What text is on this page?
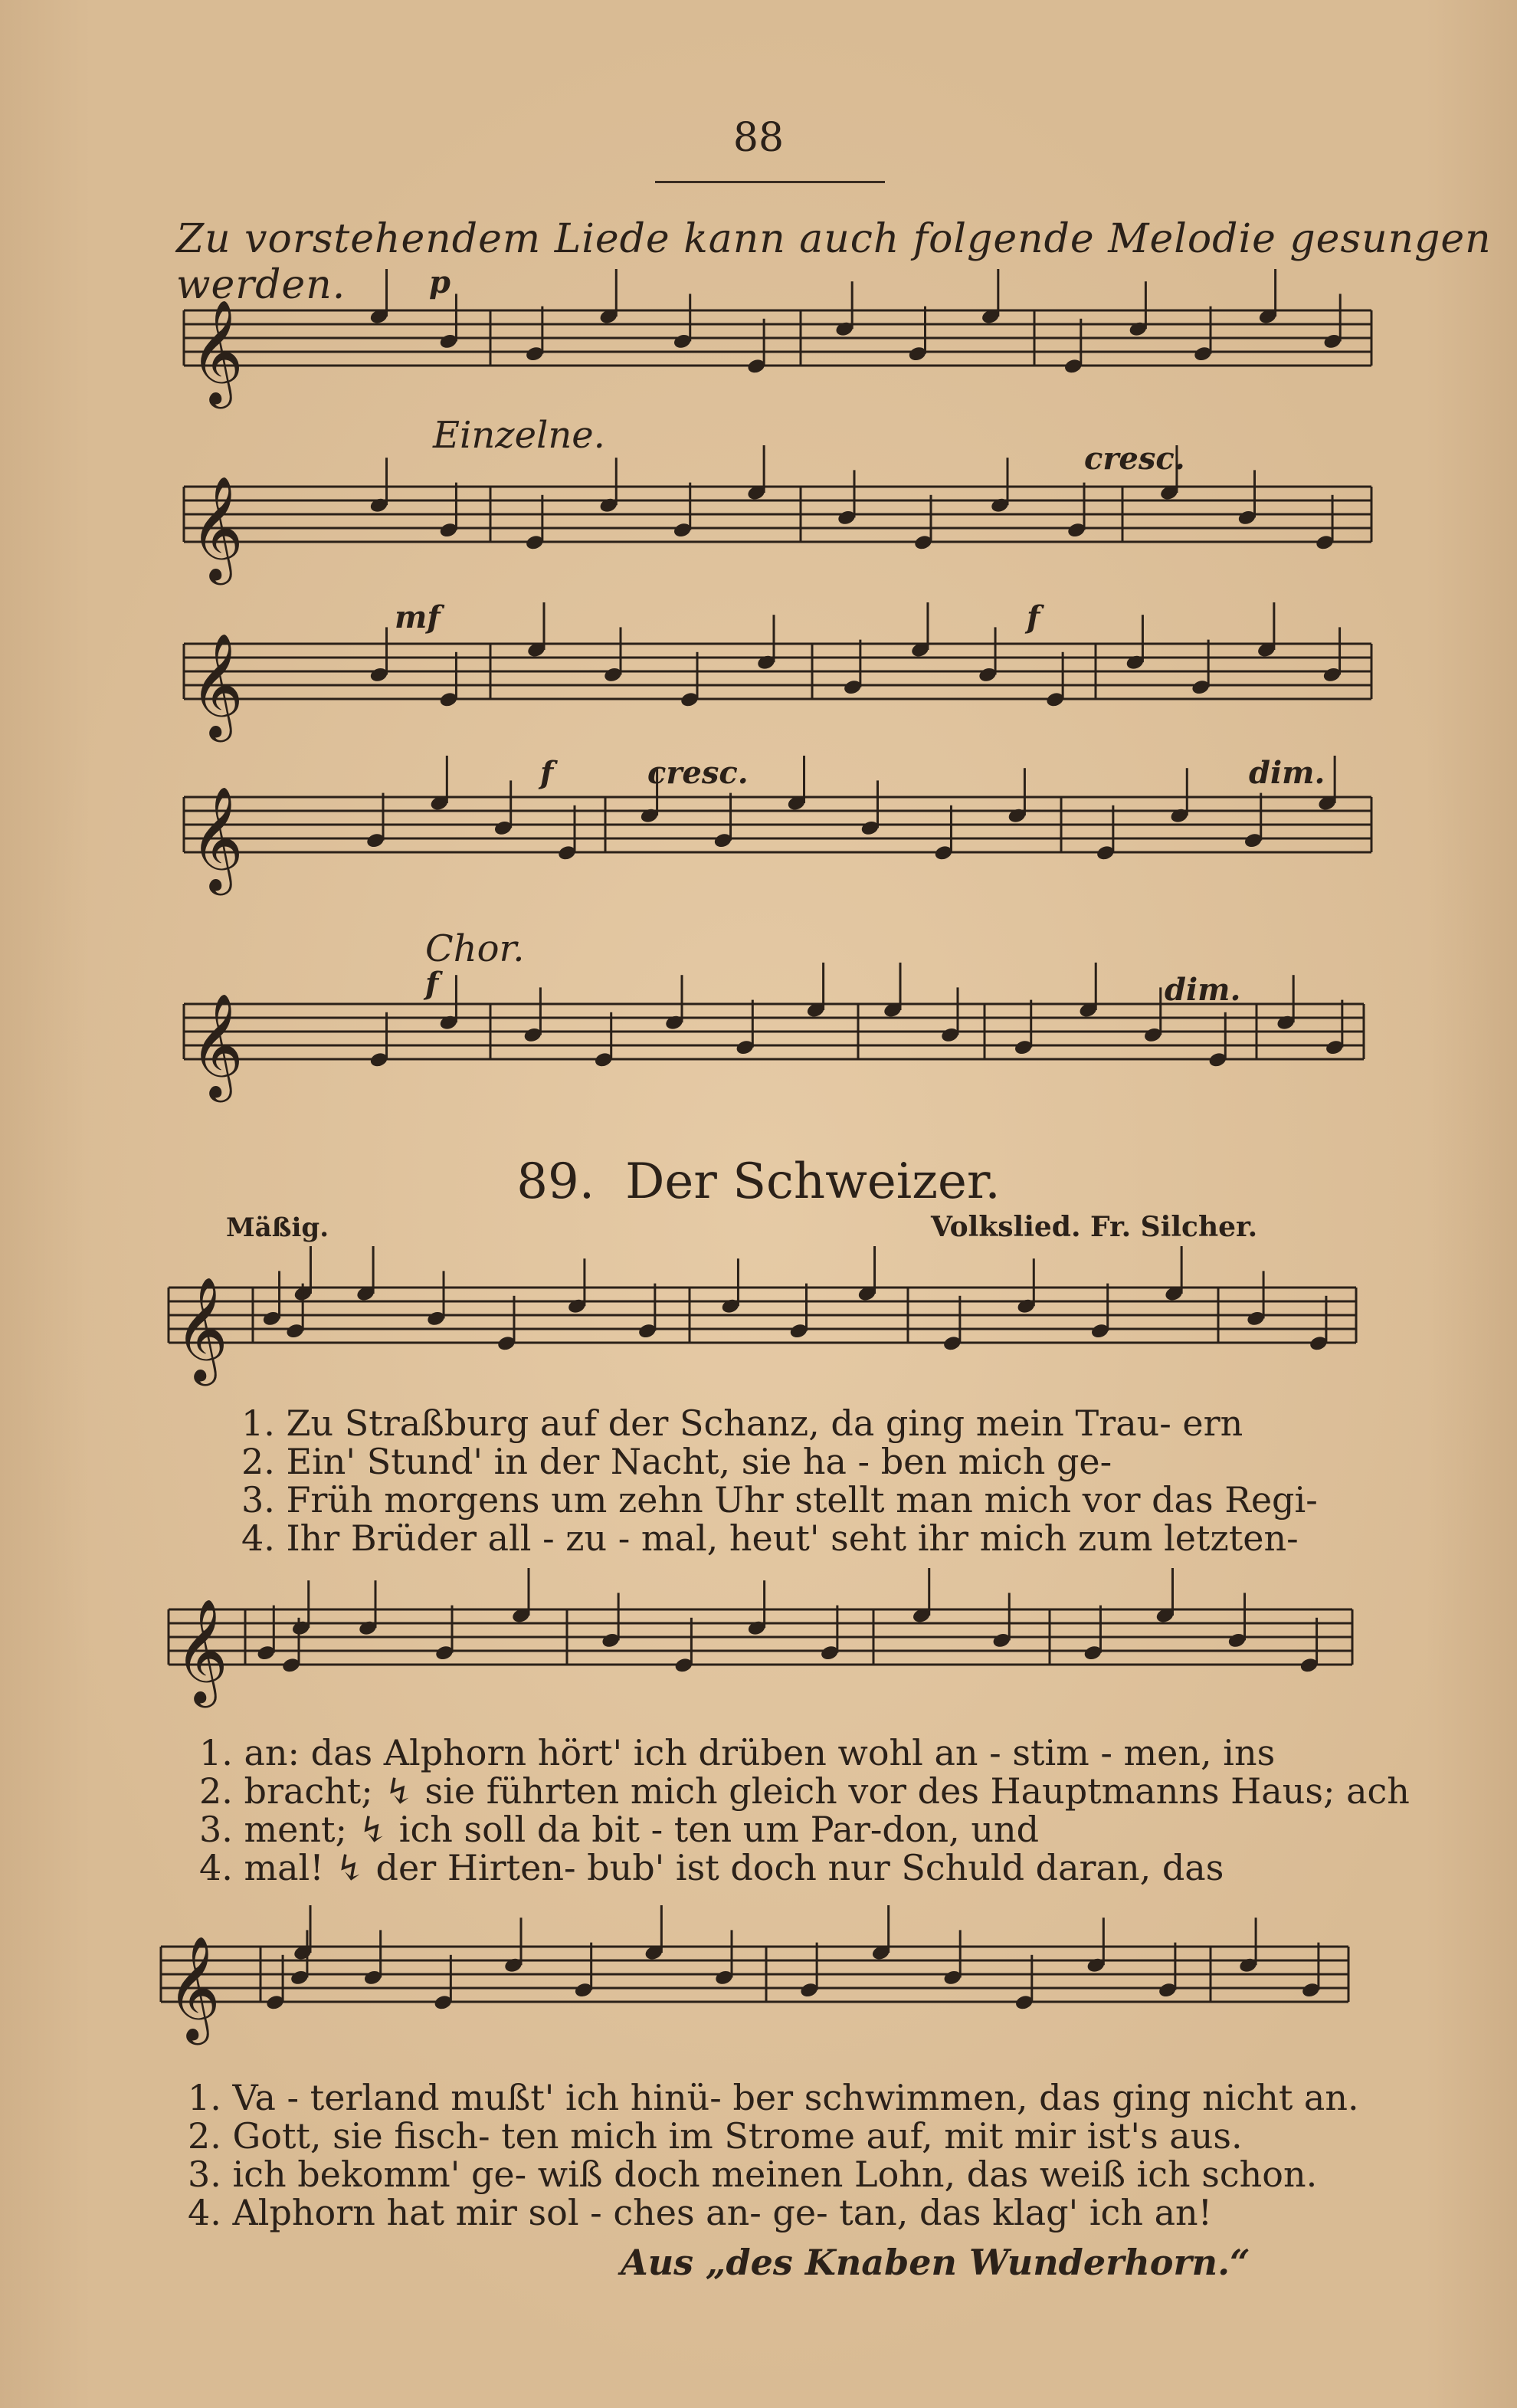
88
Zu vorstehendem Liede kann auch folgende Melodie gesungen werden.
𝄞
𝄞
𝄞
𝄞
𝄞
𝄞
𝄞
𝄞
p
Einzelne.
cresc.
mf	f
f	cresc.	dim.
Chor.
f	dim.
89. Der Schweizer.
Mäßig.	Volkslied. Fr. Silcher.
1. Zu Straßburg auf der Schanz, da ging mein Trau- ern
2. Ein' Stund' in der Nacht, sie ha - ben mich ge-
3. Früh morgens um zehn Uhr stellt man mich vor das Regi-
4. Ihr Brüder all - zu - mal, heut' seht ihr mich zum letzten-
1. an: das Alphorn hört' ich drüben wohl an - stim - men, ins
2. bracht; ↯ sie führten mich gleich vor des Hauptmanns Haus; ach
3. ment; ↯ ich soll da bit - ten um Par-don, und
4. mal! ↯ der Hirten- bub' ist doch nur Schuld daran, das
1. Va - terland mußt' ich hinü- ber schwimmen, das ging nicht an.
2. Gott, sie fisch- ten mich im Strome auf, mit mir ist's aus.
3. ich bekomm' ge- wiß doch meinen Lohn, das weiß ich schon.
4. Alphorn hat mir sol - ches an- ge- tan, das klag' ich an!
Aus „des Knaben Wunderhorn.“
